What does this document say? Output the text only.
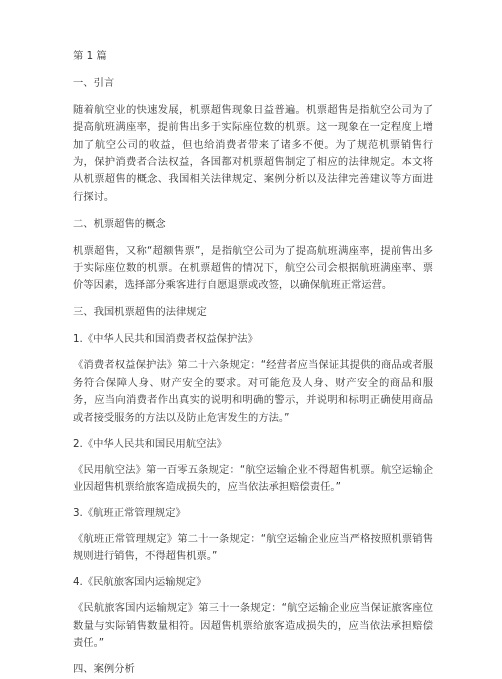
第 1 篇

一、引言

随着航空业的快速发展，机票超售现象日益普遍。机票超售是指航空公司为了提高航班满座率，提前售出多于实际座位数的机票。这一现象在一定程度上增加了航空公司的收益，但也给消费者带来了诸多不便。为了规范机票销售行为，保护消费者合法权益，各国都对机票超售制定了相应的法律规定。本文将从机票超售的概念、我国相关法律规定、案例分析以及法律完善建议等方面进行探讨。

二、机票超售的概念

机票超售，又称“超额售票”，是指航空公司为了提高航班满座率，提前售出多于实际座位数的机票。在机票超售的情况下，航空公司会根据航班满座率、票价等因素，选择部分乘客进行自愿退票或改签，以确保航班正常运营。

三、我国机票超售的法律规定

1.《中华人民共和国消费者权益保护法》

《消费者权益保护法》第二十六条规定：“经营者应当保证其提供的商品或者服务符合保障人身、财产安全的要求。对可能危及人身、财产安全的商品和服务，应当向消费者作出真实的说明和明确的警示，并说明和标明正确使用商品或者接受服务的方法以及防止危害发生的方法。”

2.《中华人民共和国民用航空法》

《民用航空法》第一百零五条规定：“航空运输企业不得超售机票。航空运输企业因超售机票给旅客造成损失的，应当依法承担赔偿责任。”

3.《航班正常管理规定》

《航班正常管理规定》第二十一条规定：“航空运输企业应当严格按照机票销售规则进行销售，不得超售机票。”

4.《民航旅客国内运输规定》

《民航旅客国内运输规定》第三十一条规定：“航空运输企业应当保证旅客座位数量与实际销售数量相符。因超售机票给旅客造成损失的，应当依法承担赔偿责任。”

四、案例分析
